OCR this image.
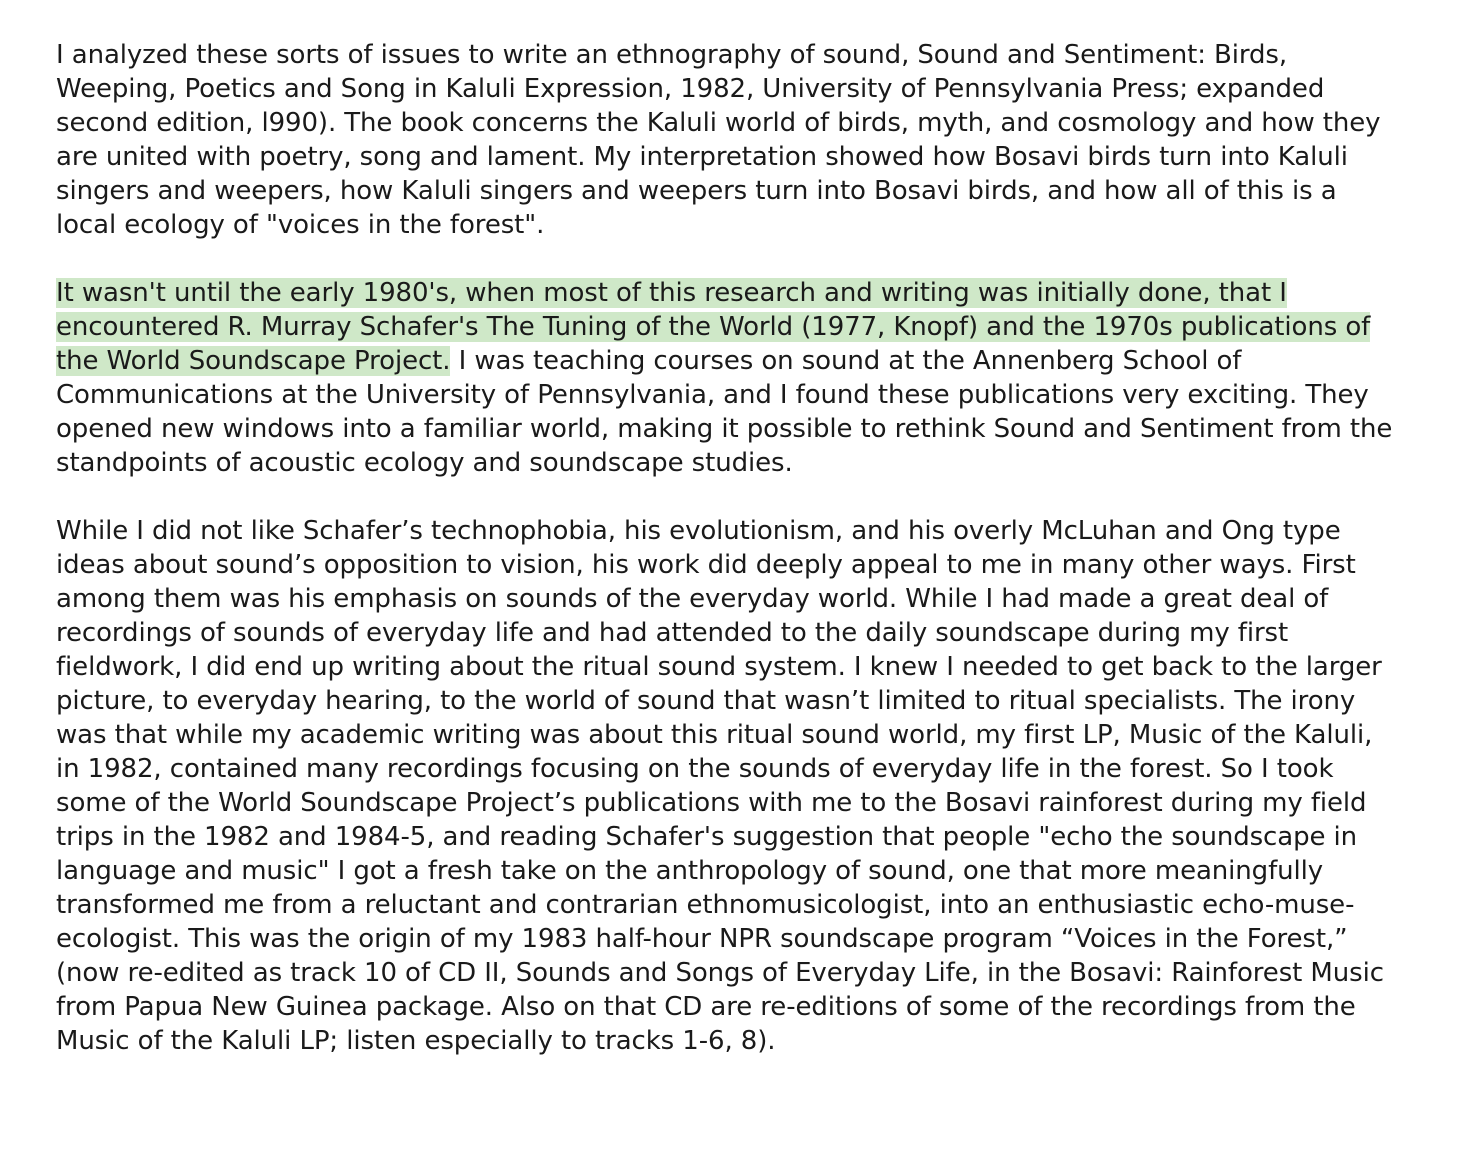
I analyzed these sorts of issues to write an ethnography of sound, Sound and Sentiment: Birds, Weeping, Poetics and Song in Kaluli Expression, 1982, University of Pennsylvania Press; expanded second edition, l990). The book concerns the Kaluli world of birds, myth, and cosmology and how they are united with poetry, song and lament. My interpretation showed how Bosavi birds turn into Kaluli singers and weepers, how Kaluli singers and weepers turn into Bosavi birds, and how all of this is a local ecology of "voices in the forest".

It wasn't until the early 1980's, when most of this research and writing was initially done, that I encountered R. Murray Schafer's The Tuning of the World (1977, Knopf) and the 1970s publications of the World Soundscape Project. I was teaching courses on sound at the Annenberg School of Communications at the University of Pennsylvania, and I found these publications very exciting. They opened new windows into a familiar world, making it possible to rethink Sound and Sentiment from the standpoints of acoustic ecology and soundscape studies.

While I did not like Schafer’s technophobia, his evolutionism, and his overly McLuhan and Ong type ideas about sound’s opposition to vision, his work did deeply appeal to me in many other ways. First among them was his emphasis on sounds of the everyday world. While I had made a great deal of recordings of sounds of everyday life and had attended to the daily soundscape during my first fieldwork, I did end up writing about the ritual sound system. I knew I needed to get back to the larger picture, to everyday hearing, to the world of sound that wasn’t limited to ritual specialists. The irony was that while my academic writing was about this ritual sound world, my first LP, Music of the Kaluli, in 1982, contained many recordings focusing on the sounds of everyday life in the forest. So I took some of the World Soundscape Project’s publications with me to the Bosavi rainforest during my field trips in the 1982 and 1984-5, and reading Schafer's suggestion that people "echo the soundscape in language and music" I got a fresh take on the anthropology of sound, one that more meaningfully transformed me from a reluctant and contrarian ethnomusicologist, into an enthusiastic echo-muse-ecologist. This was the origin of my 1983 half-hour NPR soundscape program “Voices in the Forest,” (now re-edited as track 10 of CD II, Sounds and Songs of Everyday Life, in the Bosavi: Rainforest Music from Papua New Guinea package. Also on that CD are re-editions of some of the recordings from the Music of the Kaluli LP; listen especially to tracks 1-6, 8).
